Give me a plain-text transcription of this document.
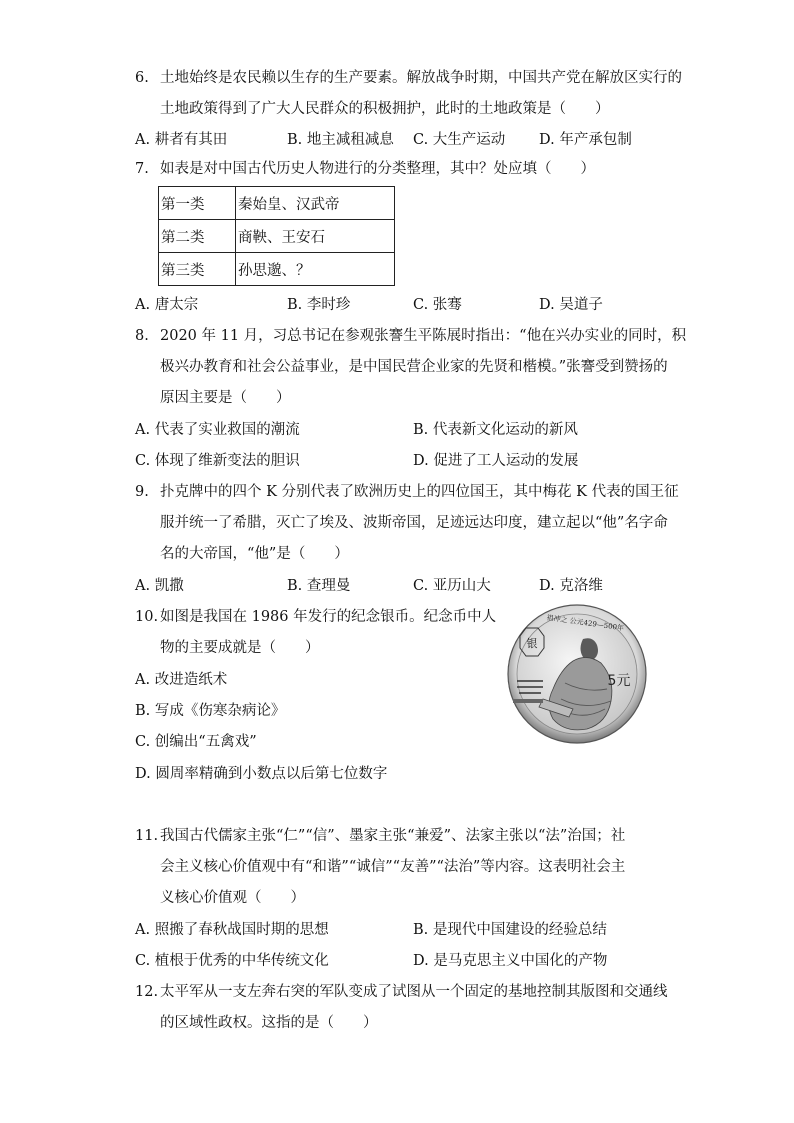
6. 土地始终是农民赖以生存的生产要素。解放战争时期，中国共产党在解放区实行的
土地政策得到了广大人民群众的积极拥护，此时的土地政策是（　　）
A. 耕者有其田	B. 地主减租减息 C. 大生产运动 D. 年产承包制
7. 如表是对中国古代历史人物进行的分类整理，其中？处应填（　　）
第一类	秦始皇、汉武帝
第二类	商鞅、王安石
第三类	孙思邈、？
A. 唐太宗	B. 李时珍	C. 张骞	D. 吴道子
8. 2020 年 11 月，习总书记在参观张謇生平陈展时指出：“他在兴办实业的同时，积
极兴办教育和社会公益事业，是中国民营企业家的先贤和楷模。”张謇受到赞扬的
原因主要是（　　）
A. 代表了实业救国的潮流	B. 代表新文化运动的新风
C. 体现了维新变法的胆识	D. 促进了工人运动的发展
9. 扑克牌中的四个 K 分别代表了欧洲历史上的四位国王，其中梅花 K 代表的国王征
服并统一了希腊，灭亡了埃及、波斯帝国，足迹远达印度，建立起以“他”名字命
名的大帝国，“他”是（　　）
A. 凯撒	B. 查理曼	C. 亚历山大	D. 克洛维
10. 如图是我国在 1986 年发行的纪念银币。纪念币中人
物的主要成就是（　　）
A. 改进造纸术
B. 写成《伤寒杂病论》
C. 创编出“五禽戏”
D. 圆周率精确到小数点以后第七位数字
银
祖冲之 公元429—500年
5元
11. 我国古代儒家主张“仁”“信”、墨家主张“兼爱”、法家主张以“法”治国；社
会主义核心价值观中有“和谐”“诚信”“友善”“法治”等内容。这表明社会主
义核心价值观（　　）
A. 照搬了春秋战国时期的思想	B. 是现代中国建设的经验总结
C. 植根于优秀的中华传统文化	D. 是马克思主义中国化的产物
12. 太平军从一支左奔右突的军队变成了试图从一个固定的基地控制其版图和交通线
的区域性政权。这指的是（　　）
